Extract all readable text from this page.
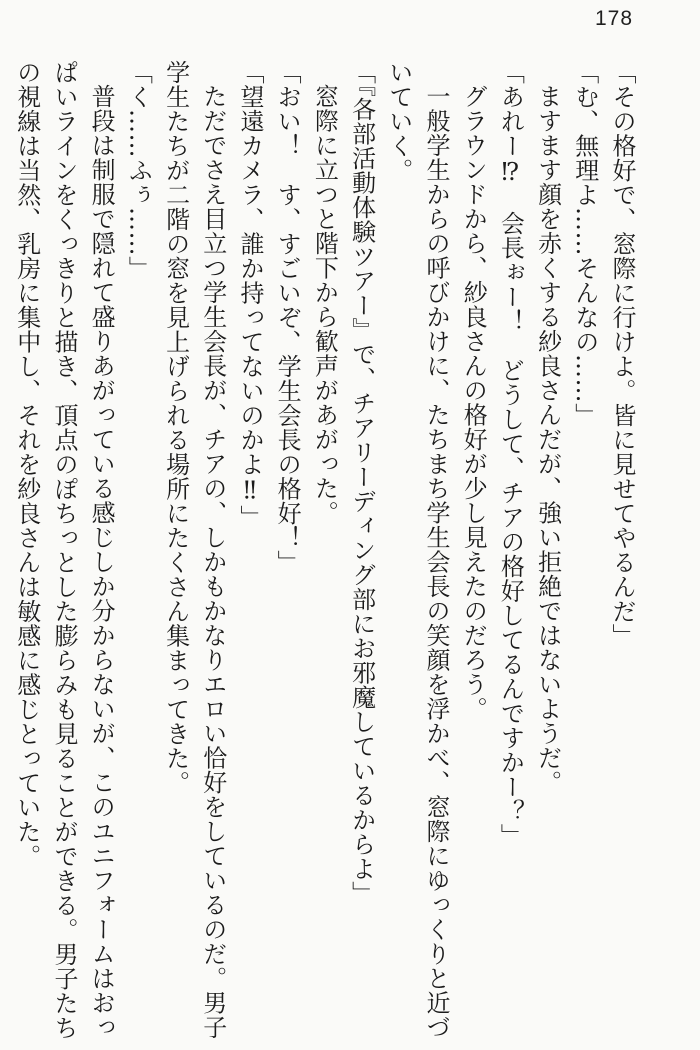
178

「その格好で、窓際に行けよ。皆に見せてやるんだ」

「む、無理よ……そんなの……」

ますます顔を赤くする紗良さんだが、強い拒絶ではないようだ。

「あれー⁉　会長ぉー！　どうして、チアの格好してるんですかー？」

グラウンドから、紗良さんの格好が少し見えたのだろう。

一般学生からの呼びかけに、たちまち学生会長の笑顔を浮かべ、窓際にゆっくりと近づいていく。

「『各部活動体験ツアー』で、チアリーディング部にお邪魔しているからよ」

窓際に立つと階下から歓声があがった。

「おい！　す、すごいぞ、学生会長の格好！」

「望遠カメラ、誰か持ってないのかよ‼」

ただでさえ目立つ学生会長が、チアの、しかもかなりエロい恰好をしているのだ。男子学生たちが二階の窓を見上げられる場所にたくさん集まってきた。

「く……ふぅ……」

普段は制服で隠れて盛りあがっている感じしか分からないが、このユニフォームはおっぱいラインをくっきりと描き、頂点のぽちっとした膨らみも見ることができる。男子たちの視線は当然、乳房に集中し、それを紗良さんは敏感に感じとっていた。
